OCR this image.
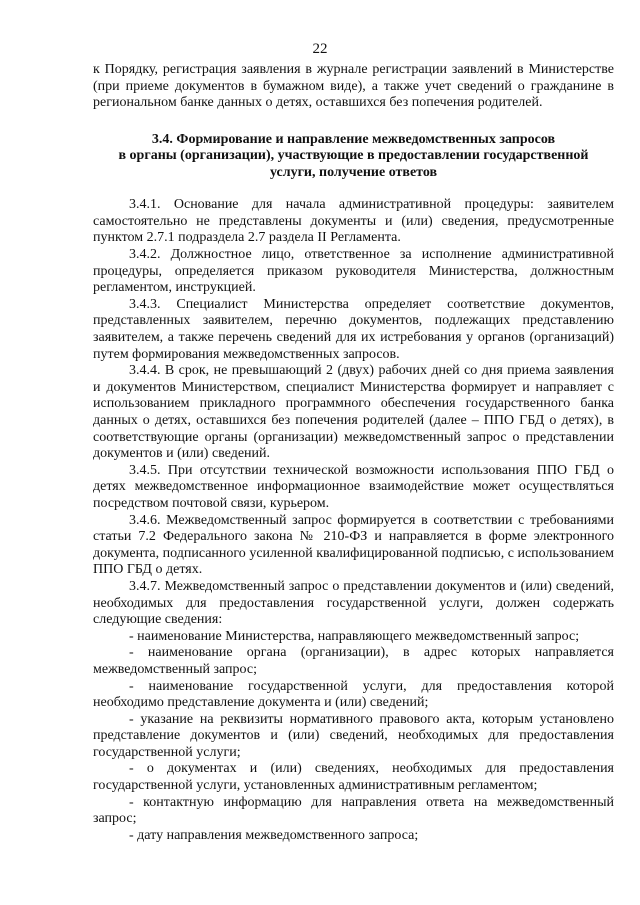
22

к Порядку, регистрация заявления в журнале регистрации заявлений в Министерстве (при приеме документов в бумажном виде), а также учет сведений о гражданине в региональном банке данных о детях, оставшихся без попечения родителей.

3.4. Формирование и направление межведомственных запросов
в органы (организации), участвующие в предоставлении государственной
услуги, получение ответов

3.4.1. Основание для начала административной процедуры: заявителем самостоятельно не представлены документы и (или) сведения, предусмотренные пунктом 2.7.1 подраздела 2.7 раздела II Регламента.

3.4.2. Должностное лицо, ответственное за исполнение административной процедуры, определяется приказом руководителя Министерства, должностным регламентом, инструкцией.

3.4.3. Специалист Министерства определяет соответствие документов, представленных заявителем, перечню документов, подлежащих представлению заявителем, а также перечень сведений для их истребования у органов (организаций) путем формирования межведомственных запросов.

3.4.4. В срок, не превышающий 2 (двух) рабочих дней со дня приема заявления и документов Министерством, специалист Министерства формирует и направляет с использованием прикладного программного обеспечения государственного банка данных о детях, оставшихся без попечения родителей (далее – ППО ГБД о детях), в соответствующие органы (организации) межведомственный запрос о представлении документов и (или) сведений.

3.4.5. При отсутствии технической возможности использования ППО ГБД о детях межведомственное информационное взаимодействие может осуществляться посредством почтовой связи, курьером.

3.4.6. Межведомственный запрос формируется в соответствии с требованиями статьи 7.2 Федерального закона № 210-ФЗ и направляется в форме электронного документа, подписанного усиленной квалифицированной подписью, с использованием ППО ГБД о детях.

3.4.7. Межведомственный запрос о представлении документов и (или) сведений, необходимых для предоставления государственной услуги, должен содержать следующие сведения:

- наименование Министерства, направляющего межведомственный запрос;

- наименование органа (организации), в адрес которых направляется межведомственный запрос;

- наименование государственной услуги, для предоставления которой необходимо представление документа и (или) сведений;

- указание на реквизиты нормативного правового акта, которым установлено представление документов и (или) сведений, необходимых для предоставления государственной услуги;

- о документах и (или) сведениях, необходимых для предоставления государственной услуги, установленных административным регламентом;

- контактную информацию для направления ответа на межведомственный запрос;

- дату направления межведомственного запроса;
